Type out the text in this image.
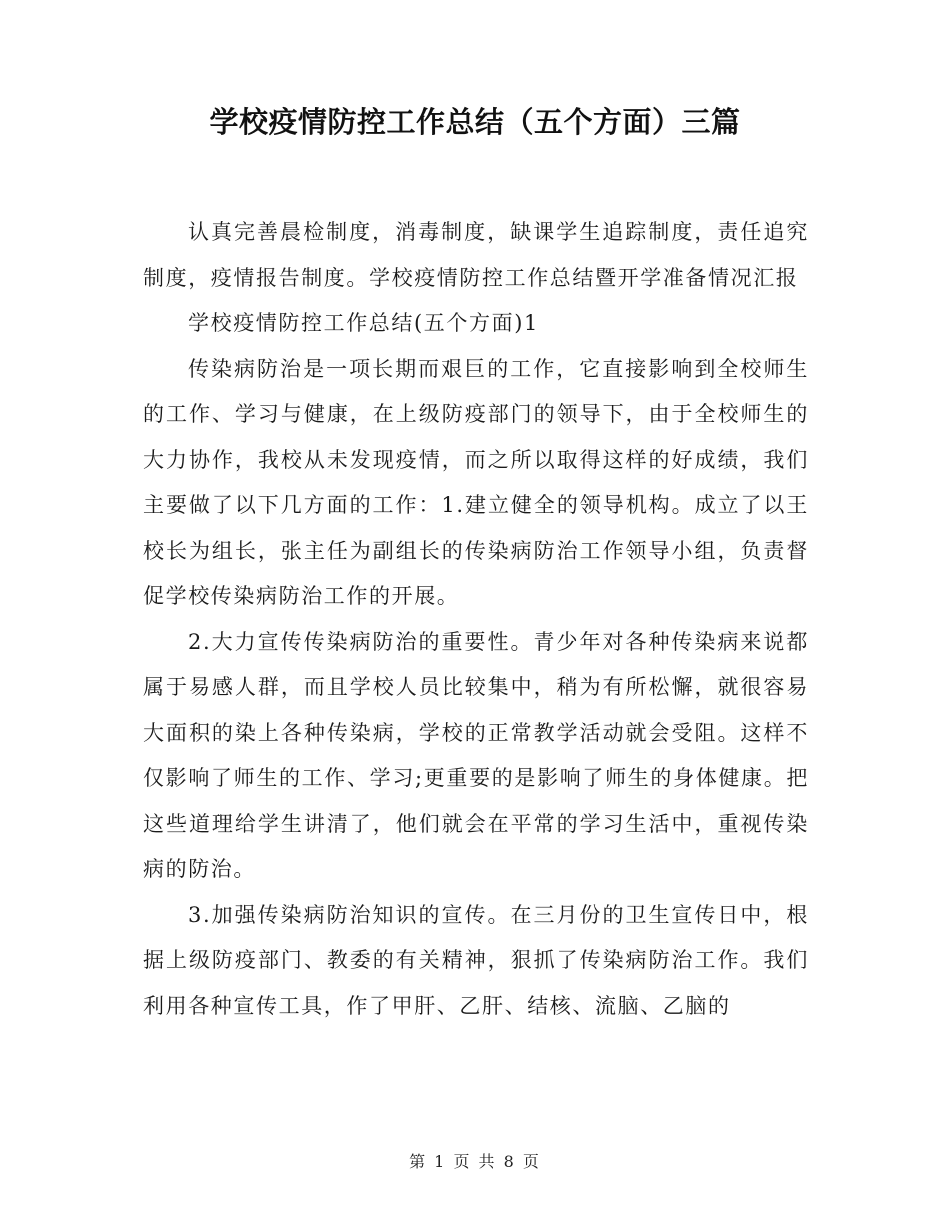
学校疫情防控工作总结（五个方面）三篇

认真完善晨检制度，消毒制度，缺课学生追踪制度，责任追究制度，疫情报告制度。学校疫情防控工作总结暨开学准备情况汇报

学校疫情防控工作总结(五个方面)1

传染病防治是一项长期而艰巨的工作，它直接影响到全校师生的工作、学习与健康，在上级防疫部门的领导下，由于全校师生的大力协作，我校从未发现疫情，而之所以取得这样的好成绩，我们主要做了以下几方面的工作：1.建立健全的领导机构。成立了以王校长为组长，张主任为副组长的传染病防治工作领导小组，负责督促学校传染病防治工作的开展。

2.大力宣传传染病防治的重要性。青少年对各种传染病来说都属于易感人群，而且学校人员比较集中，稍为有所松懈，就很容易大面积的染上各种传染病，学校的正常教学活动就会受阻。这样不仅影响了师生的工作、学习;更重要的是影响了师生的身体健康。把这些道理给学生讲清了，他们就会在平常的学习生活中，重视传染病的防治。

3.加强传染病防治知识的宣传。在三月份的卫生宣传日中，根据上级防疫部门、教委的有关精神，狠抓了传染病防治工作。我们利用各种宣传工具，作了甲肝、乙肝、结核、流脑、乙脑的

第 1 页 共 8 页
